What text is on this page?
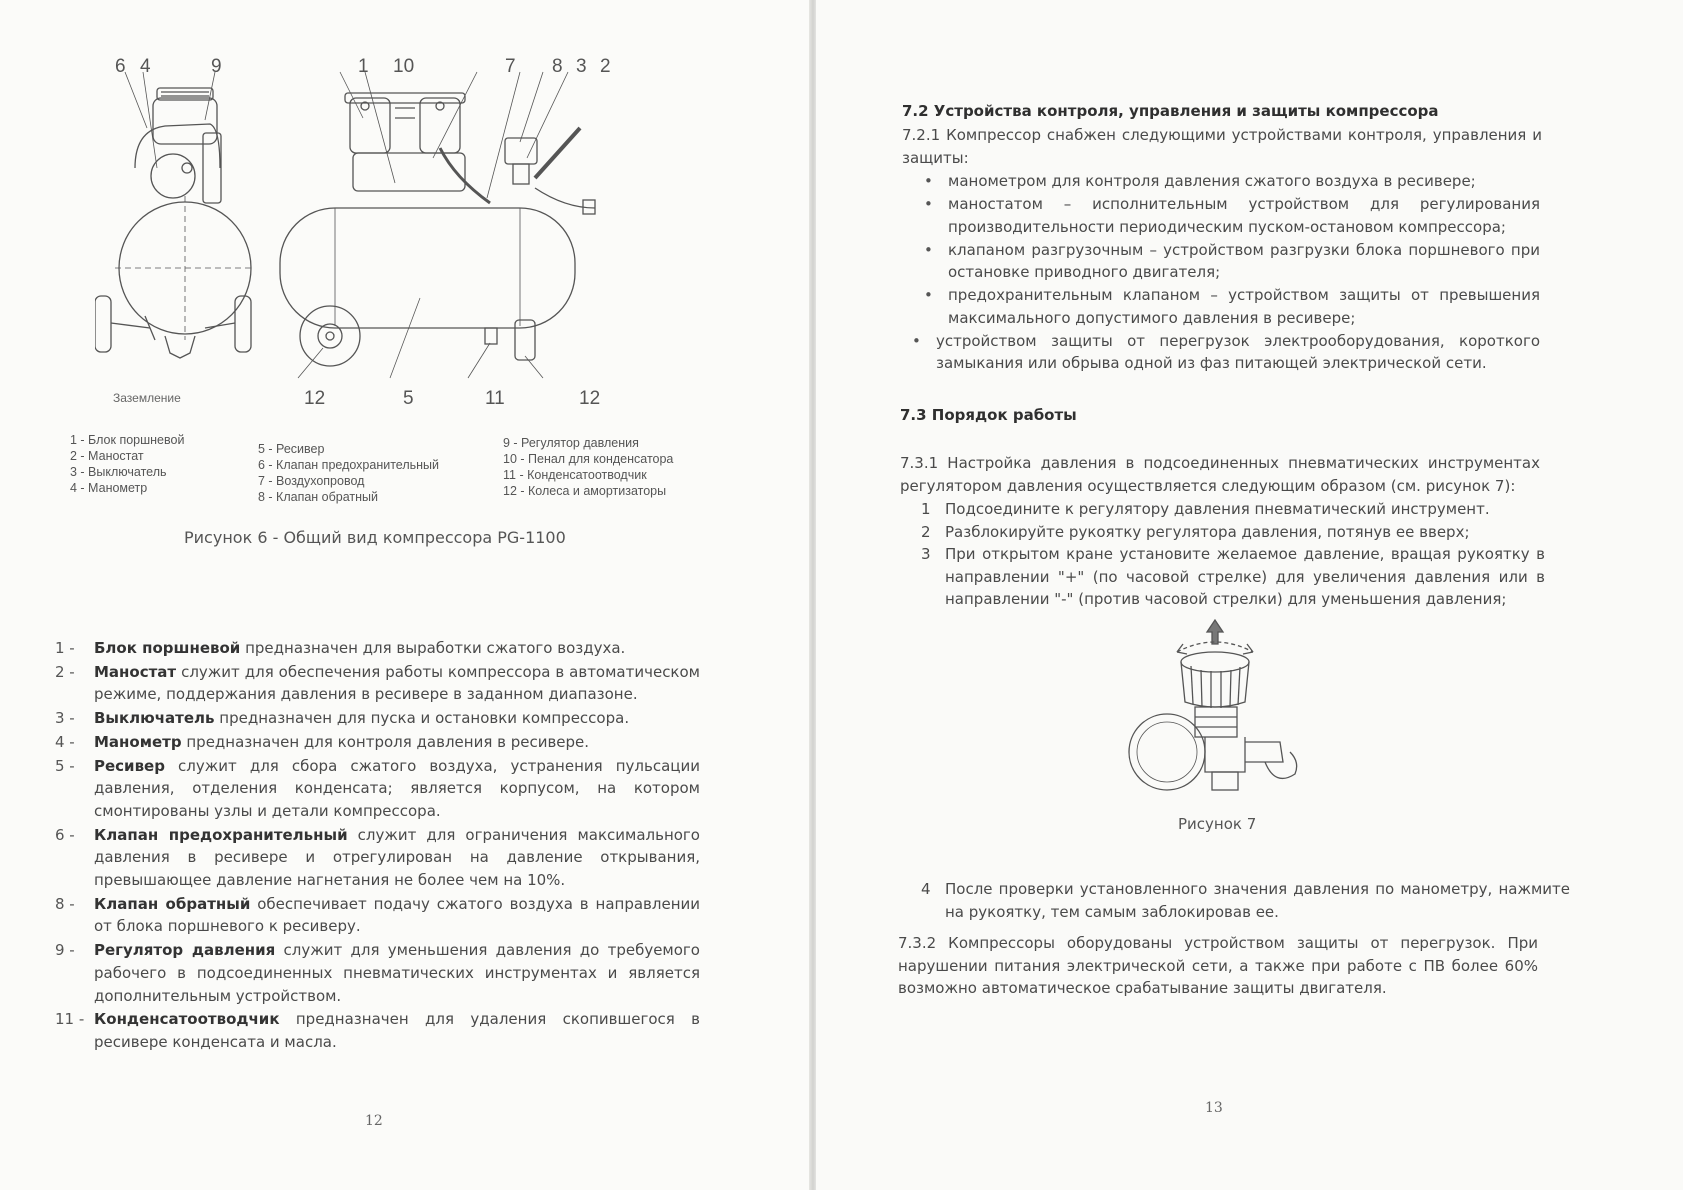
6 4	9	1 10	7 8 3 2
12	5	11	12
Заземление
1 - Блок поршневой
2 - Маностат
3 - Выключатель
4 - Манометр
5 - Ресивер
6 - Клапан предохранительный
7 - Воздухопровод
8 - Клапан обратный
9 - Регулятор давления
10 - Пенал для конденсатора
11 - Конденсатоотводчик
12 - Колеса и амортизаторы
Рисунок 6 - Общий вид компрессора PG-1100
1 -	Блок поршневой предназначен для выработки сжатого воздуха.
2 -	Маностат служит для обеспечения работы компрессора в автоматическом режиме, поддержания давления в ресивере в заданном диапазоне.
3 -	Выключатель предназначен для пуска и остановки компрессора.
4 -	Манометр предназначен для контроля давления в ресивере.
5 -	Ресивер служит для сбора сжатого воздуха, устранения пульсации давления, отделения конденсата; является корпусом, на котором смонтированы узлы и детали компрессора.
6 -	Клапан предохранительный служит для ограничения максимального давления в ресивере и отрегулирован на давление открывания, превышающее давление нагнетания не более чем на 10%.
8 -	Клапан обратный обеспечивает подачу сжатого воздуха в направлении от блока поршневого к ресиверу.
9 -	Регулятор давления служит для уменьшения давления до требуемого рабочего в подсоединенных пневматических инструментах и является дополнительным устройством.
11 - Конденсатоотводчик предназначен для удаления скопившегося в ресивере конденсата и масла.
12
7.2 Устройства контроля, управления и защиты компрессора
7.2.1 Компрессор снабжен следующими устройствами контроля, управления и защиты:
• манометром для контроля давления сжатого воздуха в ресивере;
• маностатом – исполнительным устройством для регулирования производительности периодическим пуском-остановом компрессора;
• клапаном разгрузочным – устройством разгрузки блока поршневого при остановке приводного двигателя;
• предохранительным клапаном – устройством защиты от превышения максимального допустимого давления в ресивере;
• устройством защиты от перегрузок электрооборудования, короткого замыкания или обрыва одной из фаз питающей электрической сети.
7.3 Порядок работы
7.3.1 Настройка давления в подсоединенных пневматических инструментах регулятором давления осуществляется следующим образом (см. рисунок 7):
1 Подсоедините к регулятору давления пневматический инструмент.
2 Разблокируйте рукоятку регулятора давления, потянув ее вверх;
3 При открытом кране установите желаемое давление, вращая рукоятку в направлении "+" (по часовой стрелке) для увеличения давления или в направлении "-" (против часовой стрелки) для уменьшения давления;
Рисунок 7
4 После проверки установленного значения давления по манометру, нажмите на рукоятку, тем самым заблокировав ее.
7.3.2 Компрессоры оборудованы устройством защиты от перегрузок. При нарушении питания электрической сети, а также при работе с ПВ более 60% возможно автоматическое срабатывание защиты двигателя.
13
